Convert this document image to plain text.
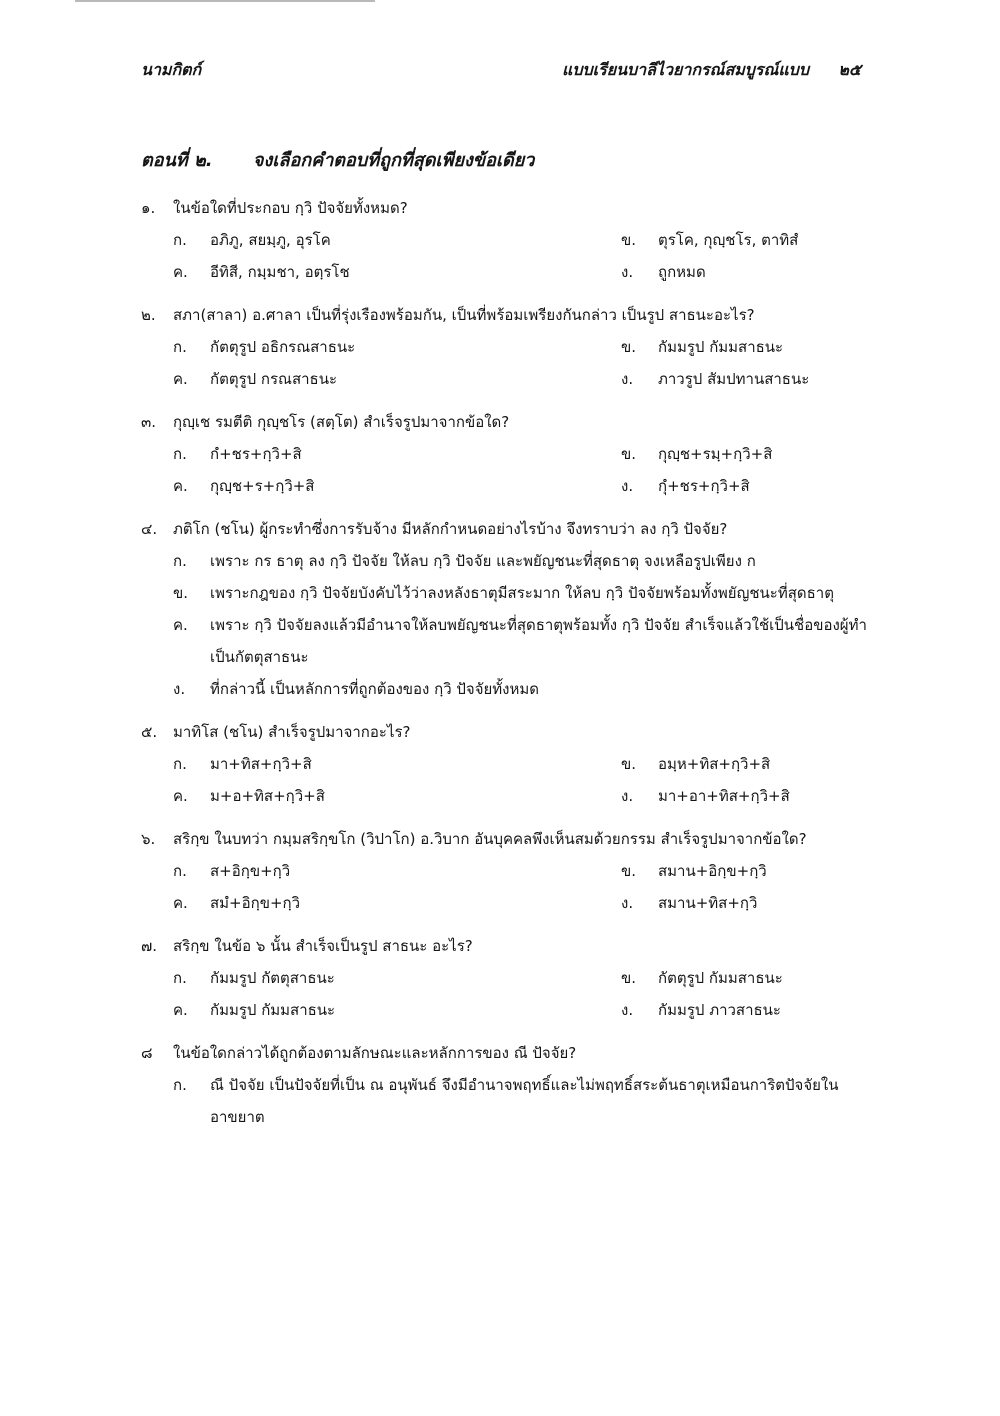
นามกิตก์	แบบเรียนบาลีไวยากรณ์สมบูรณ์แบบ ๒๕
ตอนที่ ๒. จงเลือกคำตอบที่ถูกที่สุดเพียงข้อเดียว
๑.	ในข้อใดที่ประกอบ กฺวิ ปัจจัยทั้งหมด?
ก.	อภิภู, สยมฺภู, อุรโค	ข.	ตุรโค, กุญฺชโร, ตาทิสํ
ค.	อีทิสี, กมฺมชา, อตฺรโช	ง.	ถูกหมด
๒.	สภา(สาลา) อ.ศาลา เป็นที่รุ่งเรืองพร้อมกัน, เป็นที่พร้อมเพรียงกันกล่าว เป็นรูป สาธนะอะไร?
ก.	กัตตุรูป อธิกรณสาธนะ	ข.	กัมมรูป กัมมสาธนะ
ค.	กัตตุรูป กรณสาธนะ	ง.	ภาวรูป สัมปทานสาธนะ
๓.	กุญฺเช รมตีติ กุญฺชโร (สตฺโต) สำเร็จรูปมาจากข้อใด?
ก.	กํ+ชร+กฺวิ+สิ	ข.	กุญฺช+รมฺ+กฺวิ+สิ
ค.	กุญฺช+ร+กฺวิ+สิ	ง.	กุํ+ชร+กฺวิ+สิ
๔.	ภติโก (ชโน) ผู้กระทำซึ่งการรับจ้าง มีหลักกำหนดอย่างไรบ้าง จึงทราบว่า ลง กฺวิ ปัจจัย?
ก.	เพราะ กร ธาตุ ลง กฺวิ ปัจจัย ให้ลบ กฺวิ ปัจจัย และพยัญชนะที่สุดธาตุ จงเหลือรูปเพียง ก
ข.	เพราะกฎของ กฺวิ ปัจจัยบังคับไว้ว่าลงหลังธาตุมีสระมาก ให้ลบ กฺวิ ปัจจัยพร้อมทั้งพยัญชนะที่สุดธาตุ
ค.	เพราะ กฺวิ ปัจจัยลงแล้วมีอำนาจให้ลบพยัญชนะที่สุดธาตุพร้อมทั้ง กฺวิ ปัจจัย สำเร็จแล้วใช้เป็นชื่อของผู้ทำ เป็นกัตตุสาธนะ
ง.	ที่กล่าวนี้ เป็นหลักการที่ถูกต้องของ กฺวิ ปัจจัยทั้งหมด
๕.	มาทิโส (ชโน) สำเร็จรูปมาจากอะไร?
ก.	มา+ทิส+กฺวิ+สิ	ข.	อมฺห+ทิส+กฺวิ+สิ
ค.	ม+อ+ทิส+กฺวิ+สิ	ง.	มา+อา+ทิส+กฺวิ+สิ
๖.	สริกฺข ในบทว่า กมฺมสริกฺขโก (วิปาโก) อ.วิบาก อันบุคคลพึงเห็นสมด้วยกรรม สำเร็จรูปมาจากข้อใด?
ก.	ส+อิกฺข+กฺวิ	ข.	สมาน+อิกฺข+กฺวิ
ค.	สมํ+อิกฺข+กฺวิ	ง.	สมาน+ทิส+กฺวิ
๗.	สริกฺข ในข้อ ๖ นั้น สำเร็จเป็นรูป สาธนะ อะไร?
ก.	กัมมรูป กัตตุสาธนะ	ข.	กัตตุรูป กัมมสาธนะ
ค.	กัมมรูป กัมมสาธนะ	ง.	กัมมรูป ภาวสาธนะ
๘	ในข้อใดกล่าวได้ถูกต้องตามลักษณะและหลักการของ ณี ปัจจัย?
ก.	ณี ปัจจัย เป็นปัจจัยที่เป็น ณ อนุพันธ์ จึงมีอำนาจพฤทธิ์และไม่พฤทธิ์สระต้นธาตุเหมือนการิตปัจจัยในอาขยาต
